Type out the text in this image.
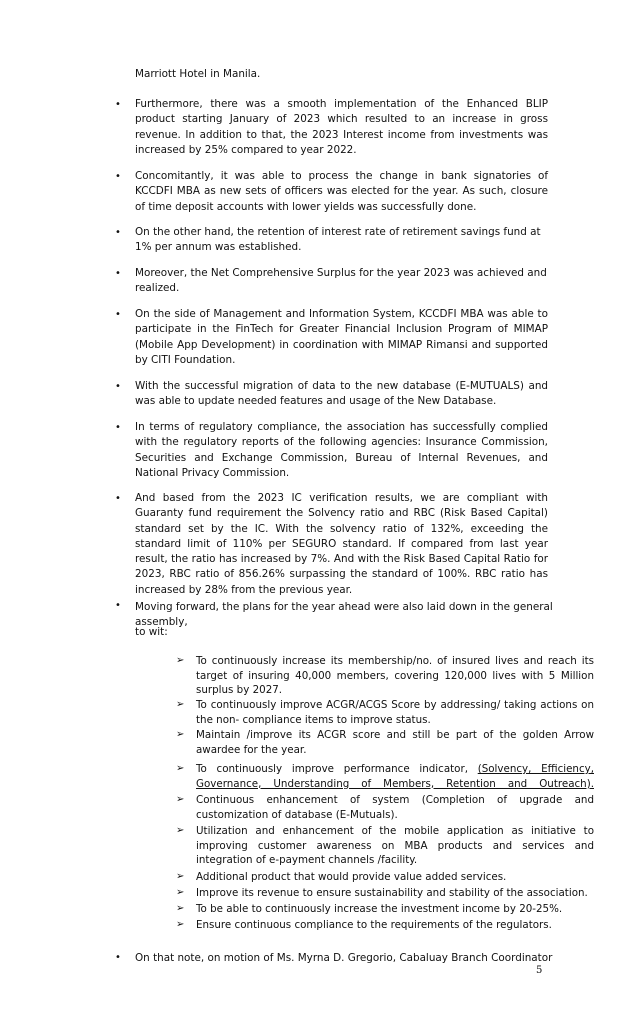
Marriott Hotel in Manila.

• Furthermore, there was a smooth implementation of the Enhanced BLIP product starting January of 2023 which resulted to an increase in gross revenue. In addition to that, the 2023 Interest income from investments was increased by 25% compared to year 2022.

• Concomitantly, it was able to process the change in bank signatories of KCCDFI MBA as new sets of officers was elected for the year. As such, closure of time deposit accounts with lower yields was successfully done.

• On the other hand, the retention of interest rate of retirement savings fund at 1% per annum was established.

• Moreover, the Net Comprehensive Surplus for the year 2023 was achieved and realized.

• On the side of Management and Information System, KCCDFI MBA was able to participate in the FinTech for Greater Financial Inclusion Program of MIMAP (Mobile App Development) in coordination with MIMAP Rimansi and supported by CITI Foundation.

• With the successful migration of data to the new database (E-MUTUALS) and was able to update needed features and usage of the New Database.

• In terms of regulatory compliance, the association has successfully complied with the regulatory reports of the following agencies: Insurance Commission, Securities and Exchange Commission, Bureau of Internal Revenues, and National Privacy Commission.

• And based from the 2023 IC verification results, we are compliant with Guaranty fund requirement the Solvency ratio and RBC (Risk Based Capital) standard set by the IC. With the solvency ratio of 132%, exceeding the standard limit of 110% per SEGURO standard. If compared from last year result, the ratio has increased by 7%. And with the Risk Based Capital Ratio for 2023, RBC ratio of 856.26% surpassing the standard of 100%. RBC ratio has increased by 28% from the previous year.

• Moving forward, the plans for the year ahead were also laid down in the general assembly,

to wit:

➢ To continuously increase its membership/no. of insured lives and reach its target of insuring 40,000 members, covering 120,000 lives with 5 Million surplus by 2027.

➢ To continuously improve ACGR/ACGS Score by addressing/ taking actions on the non- compliance items to improve status.

➢ Maintain /improve its ACGR score and still be part of the golden Arrow awardee for the year.

➢ To continuously improve performance indicator, (Solvency, Efficiency, Governance, Understanding of Members, Retention and Outreach).

➢ Continuous enhancement of system (Completion of upgrade and customization of database (E-Mutuals).

➢ Utilization and enhancement of the mobile application as initiative to improving customer awareness on MBA products and services and integration of e-payment channels /facility.

➢ Additional product that would provide value added services.

➢ Improve its revenue to ensure sustainability and stability of the association.

➢ To be able to continuously increase the investment income by 20-25%.

➢ Ensure continuous compliance to the requirements of the regulators.

• On that note, on motion of Ms. Myrna D. Gregorio, Cabaluay Branch Coordinator

5
